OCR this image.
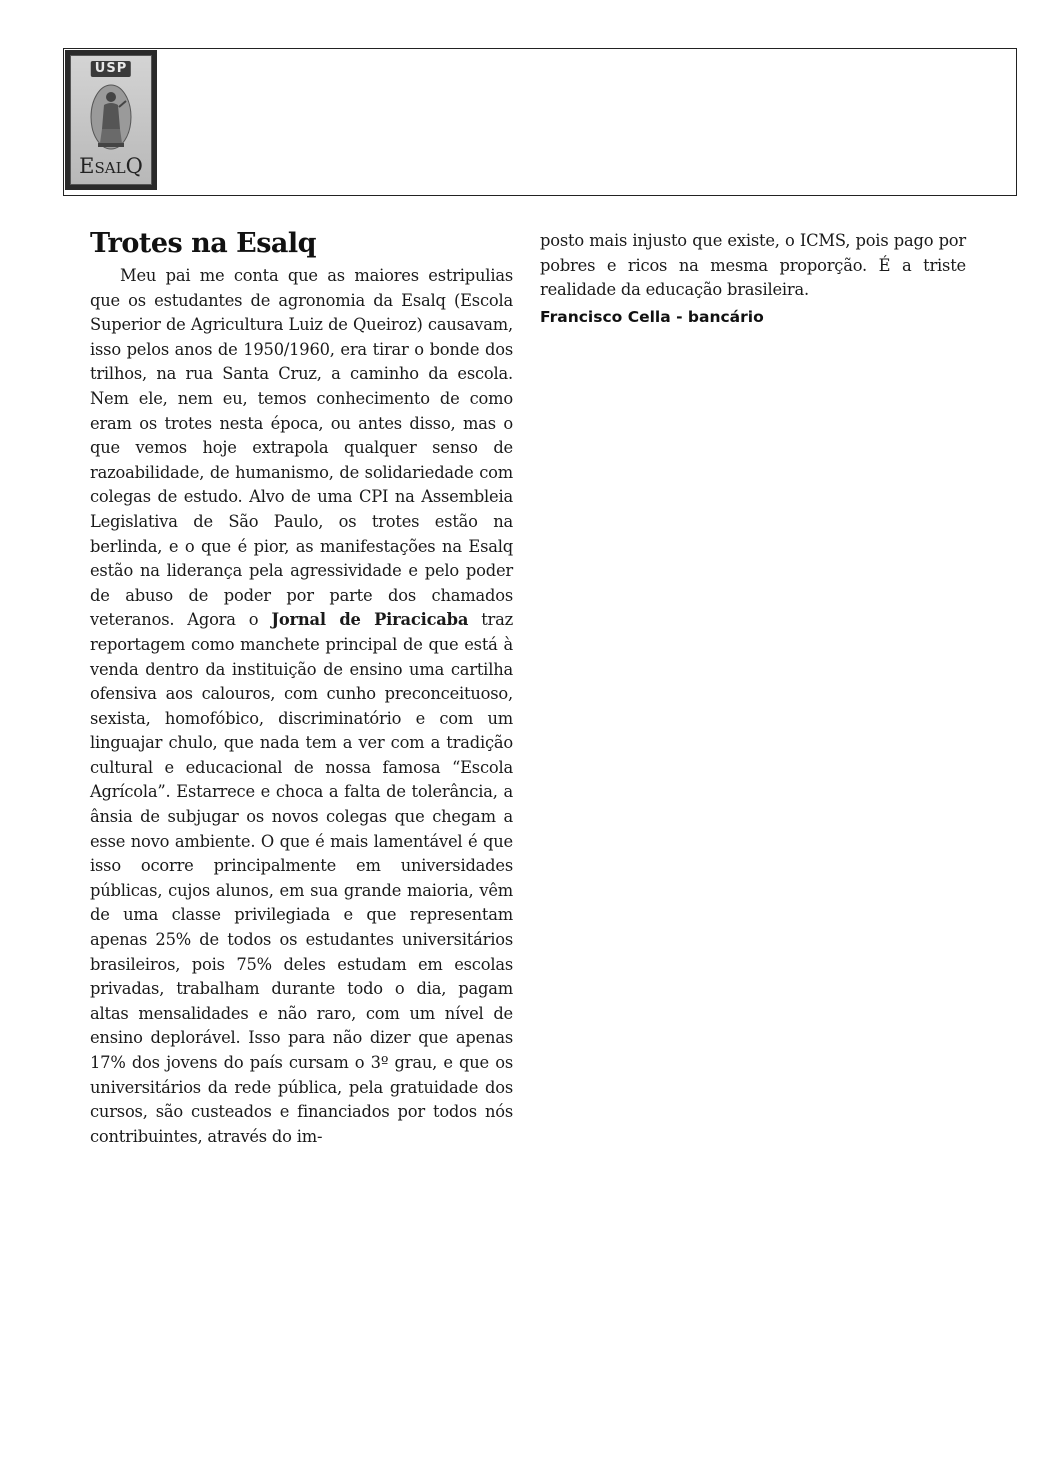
USP
ESALQ
Trotes na Esalq

Meu pai me conta que as maiores estripulias que os estudantes de agronomia da Esalq (Escola Superior de Agricultura Luiz de Queiroz) causavam, isso pelos anos de 1950/1960, era tirar o bonde dos trilhos, na rua Santa Cruz, a caminho da escola. Nem ele, nem eu, temos conhecimento de como eram os trotes nesta época, ou antes disso, mas o que vemos hoje extrapola qualquer senso de razoabilidade, de humanismo, de solidariedade com colegas de estudo. Alvo de uma CPI na Assembleia Legislativa de São Paulo, os trotes estão na berlinda, e o que é pior, as manifestações na Esalq estão na liderança pela agressividade e pelo poder de abuso de poder por parte dos chamados veteranos. Agora o Jornal de Piracicaba traz reportagem como manchete principal de que está à venda dentro da instituição de ensino uma cartilha ofensiva aos calouros, com cunho preconceituoso, sexista, homofóbico, discriminatório e com um linguajar chulo, que nada tem a ver com a tradição cultural e educacional de nossa famosa “Escola Agrícola”. Estarrece e choca a falta de tolerância, a ânsia de subjugar os novos colegas que chegam a esse novo ambiente. O que é mais lamentável é que isso ocorre principalmente em universidades públicas, cujos alunos, em sua grande maioria, vêm de uma classe privilegiada e que representam apenas 25% de todos os estudantes universitários brasileiros, pois 75% deles estudam em escolas privadas, trabalham durante todo o dia, pagam altas mensalidades e não raro, com um nível de ensino deplorável. Isso para não dizer que apenas 17% dos jovens do país cursam o 3º grau, e que os universitários da rede pública, pela gratuidade dos cursos, são custeados e financiados por todos nós contribuintes, através do im-

posto mais injusto que existe, o ICMS, pois pago por pobres e ricos na mesma proporção. É a triste realidade da educação brasileira.

Francisco Cella - bancário
